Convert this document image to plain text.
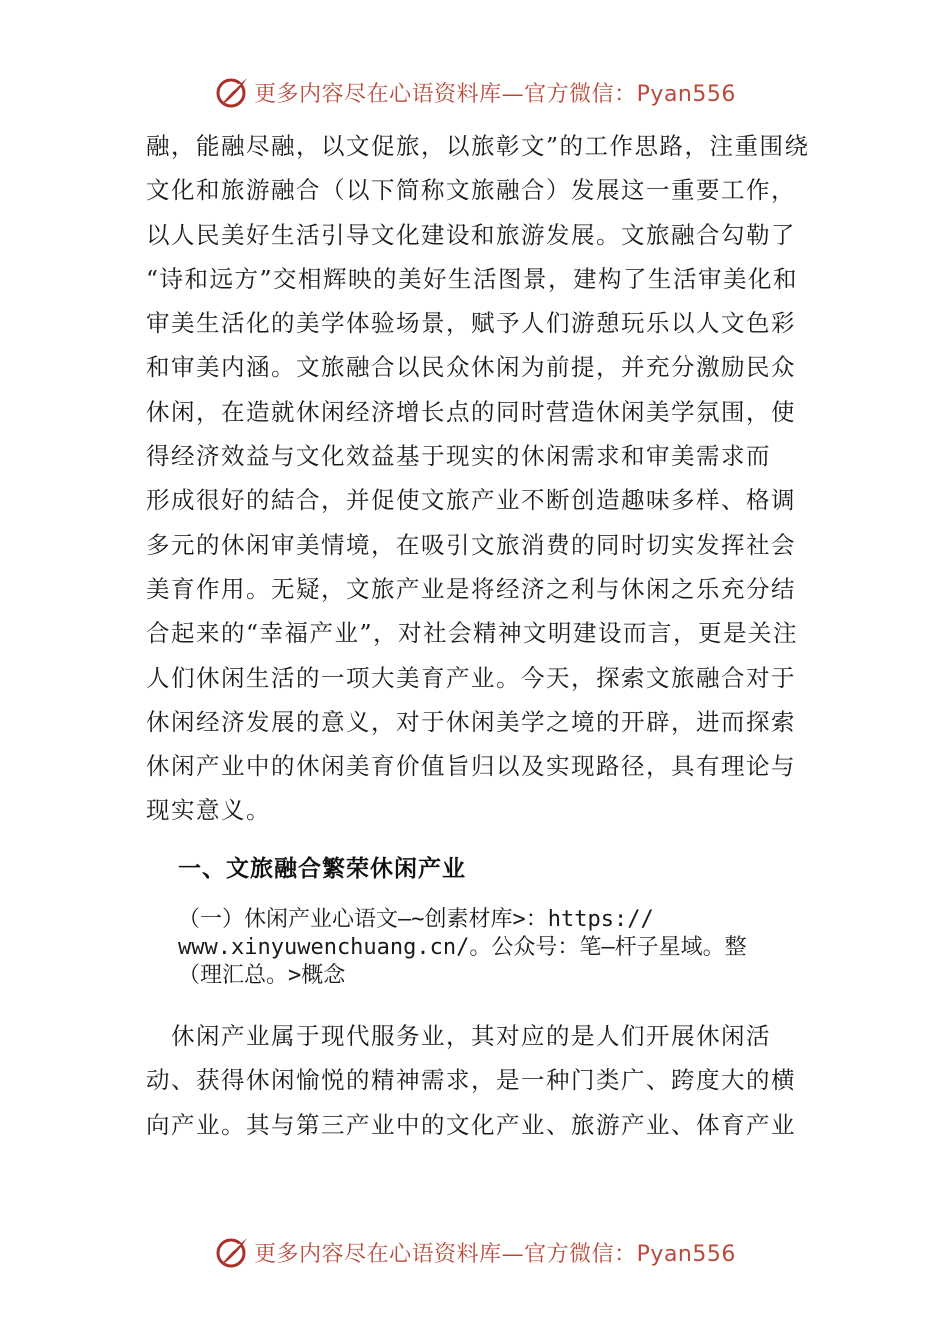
更多内容尽在心语资料库—官方微信：Pyan556
融，能融尽融，以文促旅，以旅彰文”的工作思路，注重围绕
文化和旅游融合（以下简称文旅融合）发展这一重要工作，
以人民美好生活引导文化建设和旅游发展。文旅融合勾勒了
“诗和远方”交相辉映的美好生活图景，建构了生活审美化和
审美生活化的美学体验场景，赋予人们游憩玩乐以人文色彩
和审美内涵。文旅融合以民众休闲为前提，并充分激励民众
休闲，在造就休闲经济增长点的同时营造休闲美学氛围，使
得经济效益与文化效益基于现实的休闲需求和审美需求而
形成很好的結合，并促使文旅产业不断创造趣味多样、格调
多元的休闲审美情境，在吸引文旅消费的同时切实发挥社会
美育作用。无疑，文旅产业是将经济之利与休闲之乐充分结
合起来的“幸福产业”，对社会精神文明建设而言，更是关注
人们休闲生活的一项大美育产业。今天，探索文旅融合对于
休闲经济发展的意义，对于休闲美学之境的开辟，进而探索
休闲产业中的休闲美育价值旨归以及实现路径，具有理论与
现实意义。
一、文旅融合繁荣休闲产业
（一）休闲产业心语文—~创素材库>：https://
www.xinyuwenchuang.cn/。公众号：笔—杆子星域。整
（理汇总。>概念
　休闲产业属于现代服务业，其对应的是人们开展休闲活
动、获得休闲愉悦的精神需求，是一种门类广、跨度大的横
向产业。其与第三产业中的文化产业、旅游产业、体育产业
更多内容尽在心语资料库—官方微信：Pyan556
